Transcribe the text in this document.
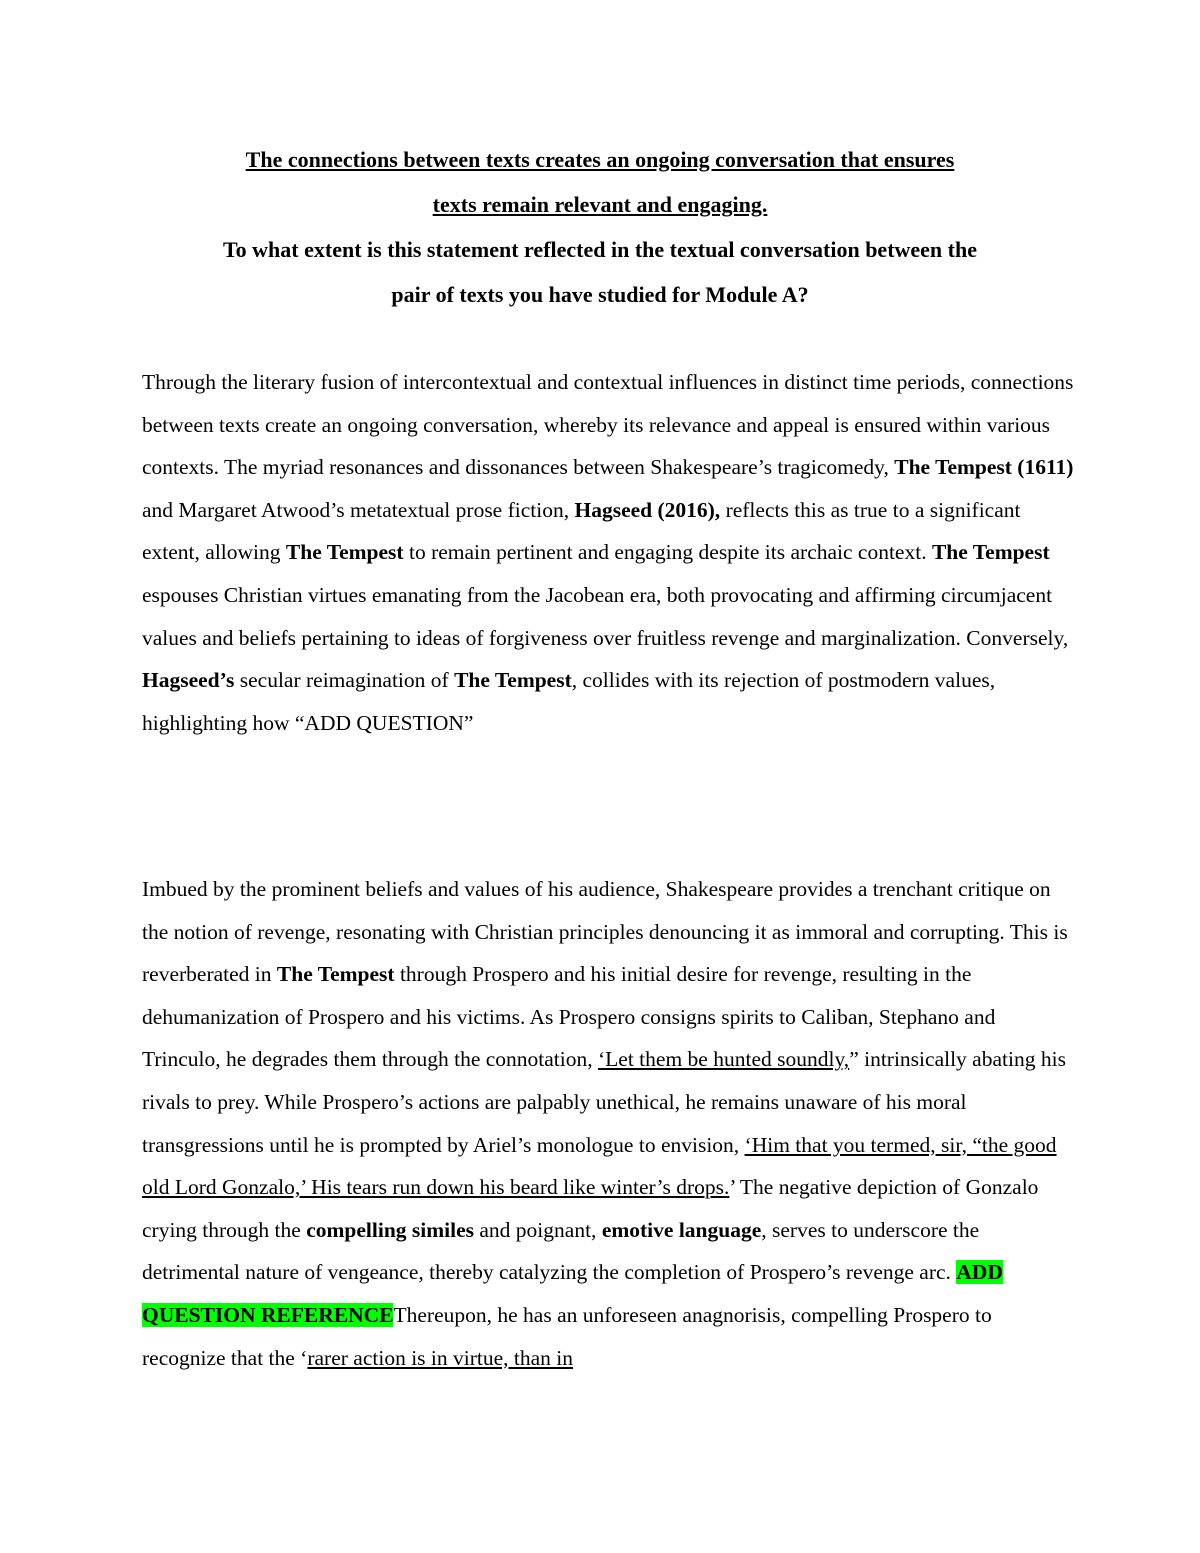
The connections between texts creates an ongoing conversation that ensures
texts remain relevant and engaging.
To what extent is this statement reflected in the textual conversation between the
pair of texts you have studied for Module A?

Through the literary fusion of intercontextual and contextual influences in distinct time periods, connections between texts create an ongoing conversation, whereby its relevance and appeal is ensured within various contexts. The myriad resonances and dissonances between Shakespeare’s tragicomedy, The Tempest (1611) and Margaret Atwood’s metatextual prose fiction, Hagseed (2016), reflects this as true to a significant extent, allowing The Tempest to remain pertinent and engaging despite its archaic context. The Tempest espouses Christian virtues emanating from the Jacobean era, both provocating and affirming circumjacent values and beliefs pertaining to ideas of forgiveness over fruitless revenge and marginalization. Conversely, Hagseed’s secular reimagination of The Tempest, collides with its rejection of postmodern values, highlighting how “ADD QUESTION”

Imbued by the prominent beliefs and values of his audience, Shakespeare provides a trenchant critique on the notion of revenge, resonating with Christian principles denouncing it as immoral and corrupting. This is reverberated in The Tempest through Prospero and his initial desire for revenge, resulting in the dehumanization of Prospero and his victims. As Prospero consigns spirits to Caliban, Stephano and Trinculo, he degrades them through the connotation, ‘Let them be hunted soundly,” intrinsically abating his rivals to prey. While Prospero’s actions are palpably unethical, he remains unaware of his moral transgressions until he is prompted by Ariel’s monologue to envision, ‘Him that you termed, sir, “the good old Lord Gonzalo,’ His tears run down his beard like winter’s drops.’ The negative depiction of Gonzalo crying through the compelling similes and poignant, emotive language, serves to underscore the detrimental nature of vengeance, thereby catalyzing the completion of Prospero’s revenge arc. ADD QUESTION REFERENCEThereupon, he has an unforeseen anagnorisis, compelling Prospero to recognize that the ‘rarer action is in virtue, than in
